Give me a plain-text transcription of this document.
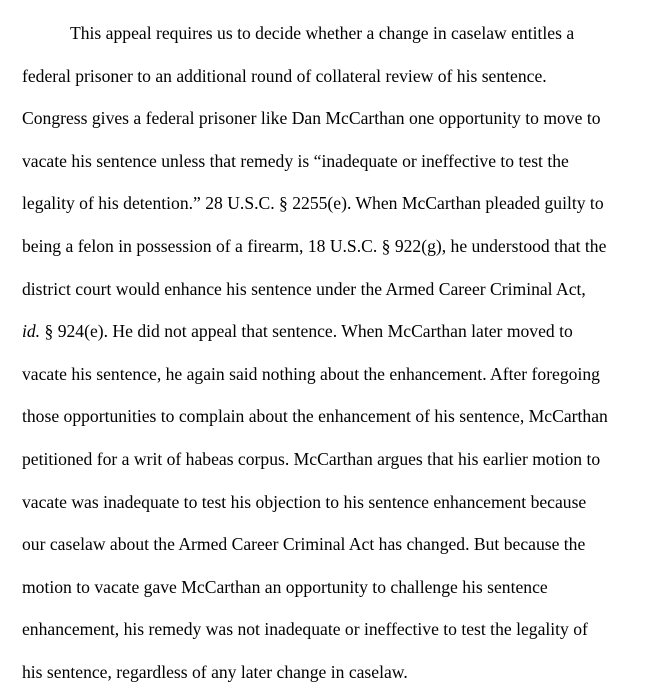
This appeal requires us to decide whether a change in caselaw entitles a
federal prisoner to an additional round of collateral review of his sentence.
Congress gives a federal prisoner like Dan McCarthan one opportunity to move to
vacate his sentence unless that remedy is “inadequate or ineffective to test the
legality of his detention.” 28 U.S.C. § 2255(e). When McCarthan pleaded guilty to
being a felon in possession of a firearm, 18 U.S.C. § 922(g), he understood that the
district court would enhance his sentence under the Armed Career Criminal Act,
id. § 924(e). He did not appeal that sentence. When McCarthan later moved to
vacate his sentence, he again said nothing about the enhancement. After foregoing
those opportunities to complain about the enhancement of his sentence, McCarthan
petitioned for a writ of habeas corpus. McCarthan argues that his earlier motion to
vacate was inadequate to test his objection to his sentence enhancement because
our caselaw about the Armed Career Criminal Act has changed. But because the
motion to vacate gave McCarthan an opportunity to challenge his sentence
enhancement, his remedy was not inadequate or ineffective to test the legality of
his sentence, regardless of any later change in caselaw.
